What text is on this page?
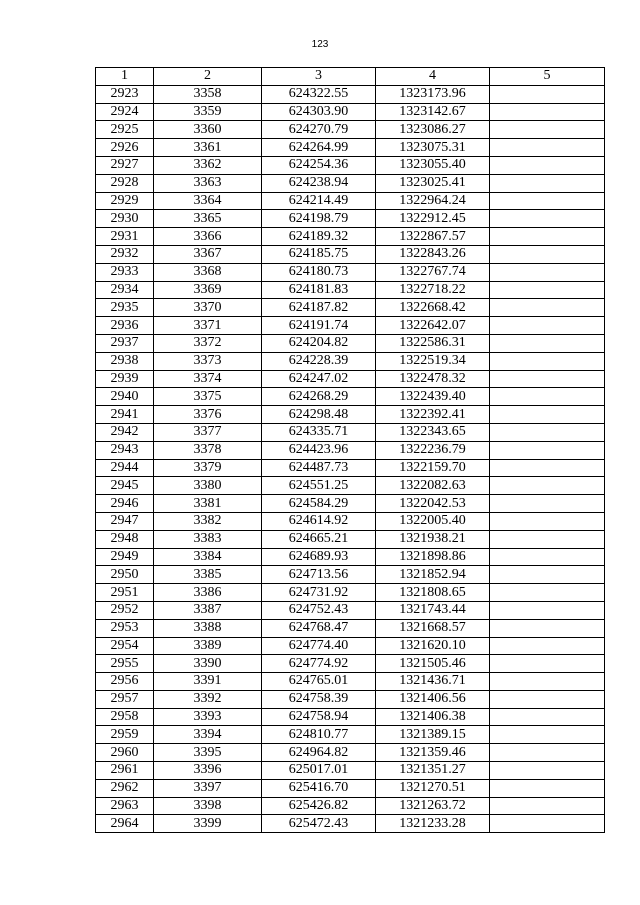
123
1	2	3	4	5
2923	3358	624322.55	1323173.96	
2924	3359	624303.90	1323142.67	
2925	3360	624270.79	1323086.27	
2926	3361	624264.99	1323075.31	
2927	3362	624254.36	1323055.40	
2928	3363	624238.94	1323025.41	
2929	3364	624214.49	1322964.24	
2930	3365	624198.79	1322912.45	
2931	3366	624189.32	1322867.57	
2932	3367	624185.75	1322843.26	
2933	3368	624180.73	1322767.74	
2934	3369	624181.83	1322718.22	
2935	3370	624187.82	1322668.42	
2936	3371	624191.74	1322642.07	
2937	3372	624204.82	1322586.31	
2938	3373	624228.39	1322519.34	
2939	3374	624247.02	1322478.32	
2940	3375	624268.29	1322439.40	
2941	3376	624298.48	1322392.41	
2942	3377	624335.71	1322343.65	
2943	3378	624423.96	1322236.79	
2944	3379	624487.73	1322159.70	
2945	3380	624551.25	1322082.63	
2946	3381	624584.29	1322042.53	
2947	3382	624614.92	1322005.40	
2948	3383	624665.21	1321938.21	
2949	3384	624689.93	1321898.86	
2950	3385	624713.56	1321852.94	
2951	3386	624731.92	1321808.65	
2952	3387	624752.43	1321743.44	
2953	3388	624768.47	1321668.57	
2954	3389	624774.40	1321620.10	
2955	3390	624774.92	1321505.46	
2956	3391	624765.01	1321436.71	
2957	3392	624758.39	1321406.56	
2958	3393	624758.94	1321406.38	
2959	3394	624810.77	1321389.15	
2960	3395	624964.82	1321359.46	
2961	3396	625017.01	1321351.27	
2962	3397	625416.70	1321270.51	
2963	3398	625426.82	1321263.72	
2964	3399	625472.43	1321233.28	
